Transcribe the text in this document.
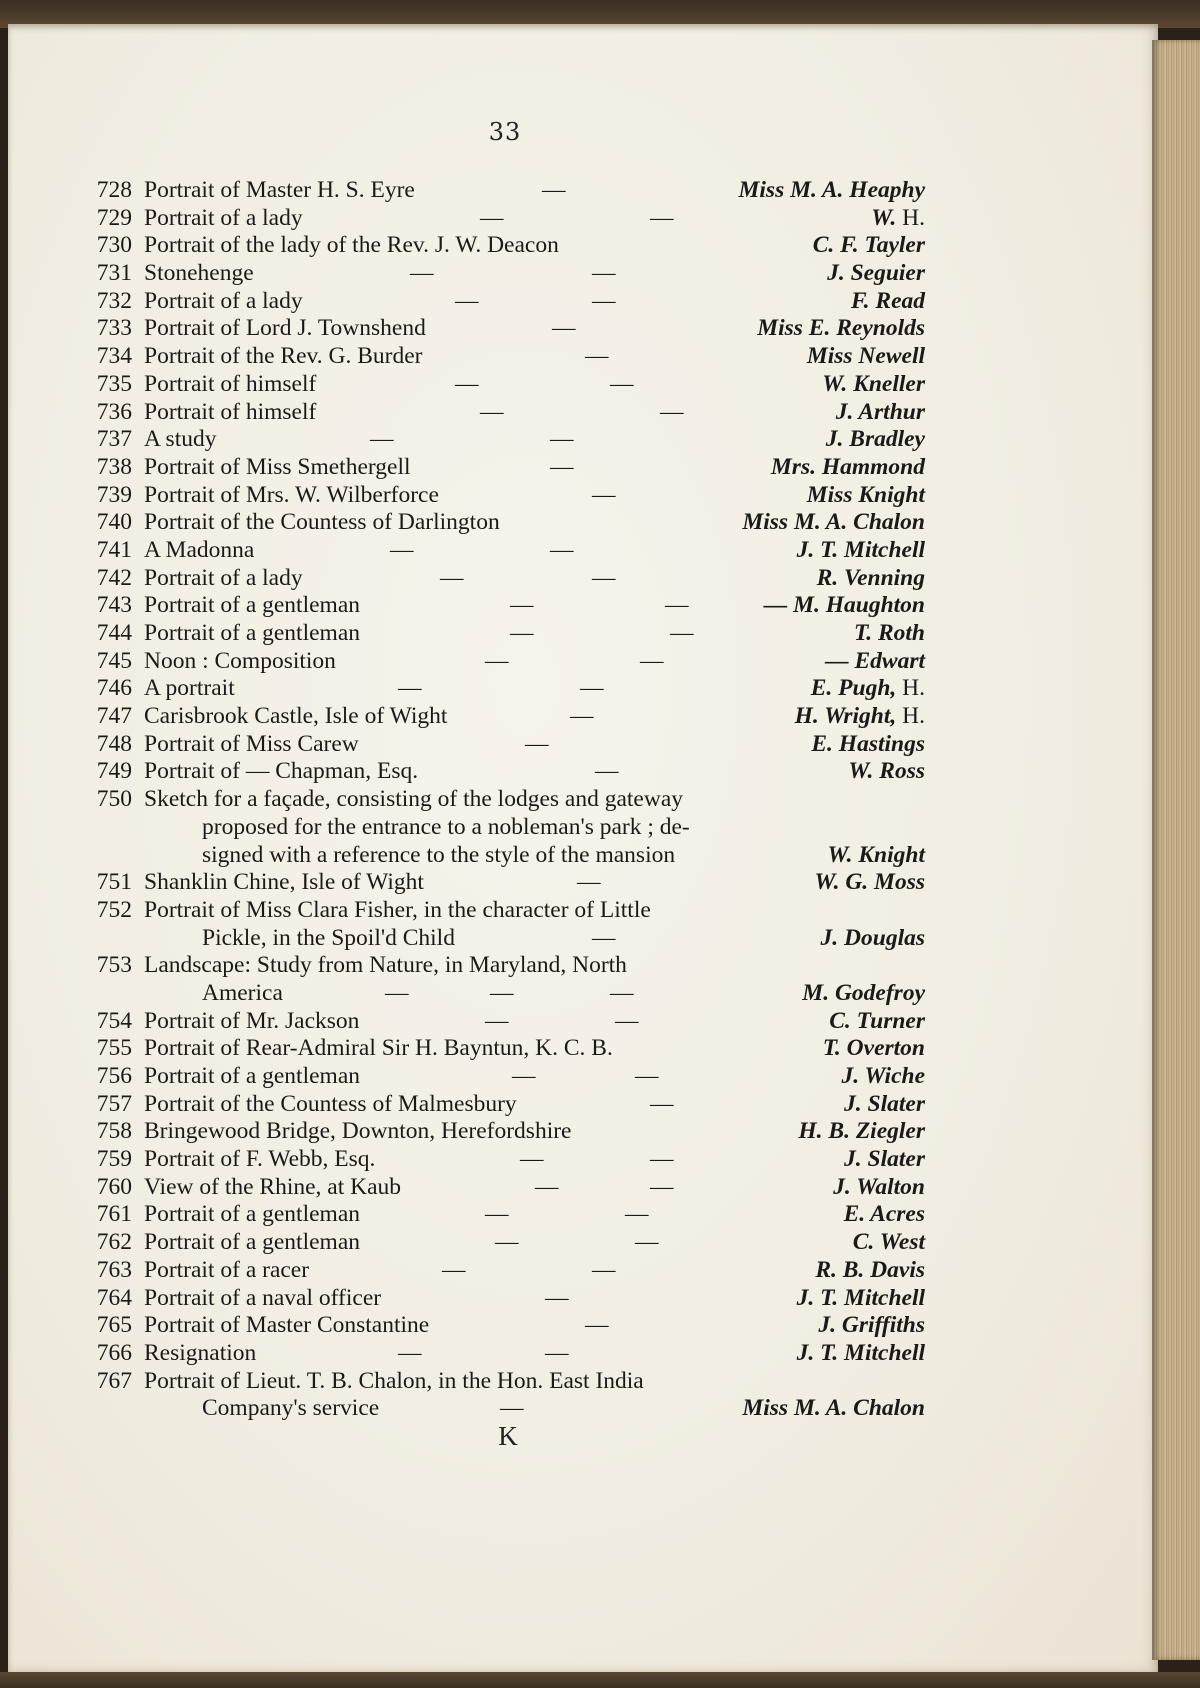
33
728 Portrait of Master H. S. Eyre	—	Miss M. A. Heaphy
729 Portrait of a lady	—	—	W. H.
730 Portrait of the lady of the Rev. J. W. Deacon	C. F. Tayler
731 Stonehenge	—	—	J. Seguier
732 Portrait of a lady	—	—	F. Read
733 Portrait of Lord J. Townshend	—	Miss E. Reynolds
734 Portrait of the Rev. G. Burder	—	Miss Newell
735 Portrait of himself	—	—	W. Kneller
736 Portrait of himself	—	—	J. Arthur
737 A study	—	—	J. Bradley
738 Portrait of Miss Smethergell	—	Mrs. Hammond
739 Portrait of Mrs. W. Wilberforce	—	Miss Knight
740 Portrait of the Countess of Darlington	Miss M. A. Chalon
741 A Madonna	—	—	J. T. Mitchell
742 Portrait of a lady	—	—	R. Venning
743 Portrait of a gentleman	—	—	— M. Haughton
744 Portrait of a gentleman	—	—	T. Roth
745 Noon : Composition	—	—	— Edwart
746 A portrait	—	—	E. Pugh, H.
747 Carisbrook Castle, Isle of Wight	—	H. Wright, H.
748 Portrait of Miss Carew	—	E. Hastings
749 Portrait of — Chapman, Esq.	—	W. Ross
750 Sketch for a façade, consisting of the lodges and gateway
proposed for the entrance to a nobleman's park ; de-
signed with a reference to the style of the mansion	W. Knight
751 Shanklin Chine, Isle of Wight	—	W. G. Moss
752 Portrait of Miss Clara Fisher, in the character of Little
Pickle, in the Spoil'd Child	—	J. Douglas
753 Landscape: Study from Nature, in Maryland, North
America	—	—	—	M. Godefroy
754 Portrait of Mr. Jackson	—	—	C. Turner
755 Portrait of Rear-Admiral Sir H. Bayntun, K. C. B.	T. Overton
756 Portrait of a gentleman	—	—	J. Wiche
757 Portrait of the Countess of Malmesbury	—	J. Slater
758 Bringewood Bridge, Downton, Herefordshire	H. B. Ziegler
759 Portrait of F. Webb, Esq.	—	—	J. Slater
760 View of the Rhine, at Kaub	—	—	J. Walton
761 Portrait of a gentleman	—	—	E. Acres
762 Portrait of a gentleman	—	—	C. West
763 Portrait of a racer	—	—	R. B. Davis
764 Portrait of a naval officer	—	J. T. Mitchell
765 Portrait of Master Constantine	—	J. Griffiths
766 Resignation	—	—	J. T. Mitchell
767 Portrait of Lieut. T. B. Chalon, in the Hon. East India
Company's service	—	Miss M. A. Chalon
K
